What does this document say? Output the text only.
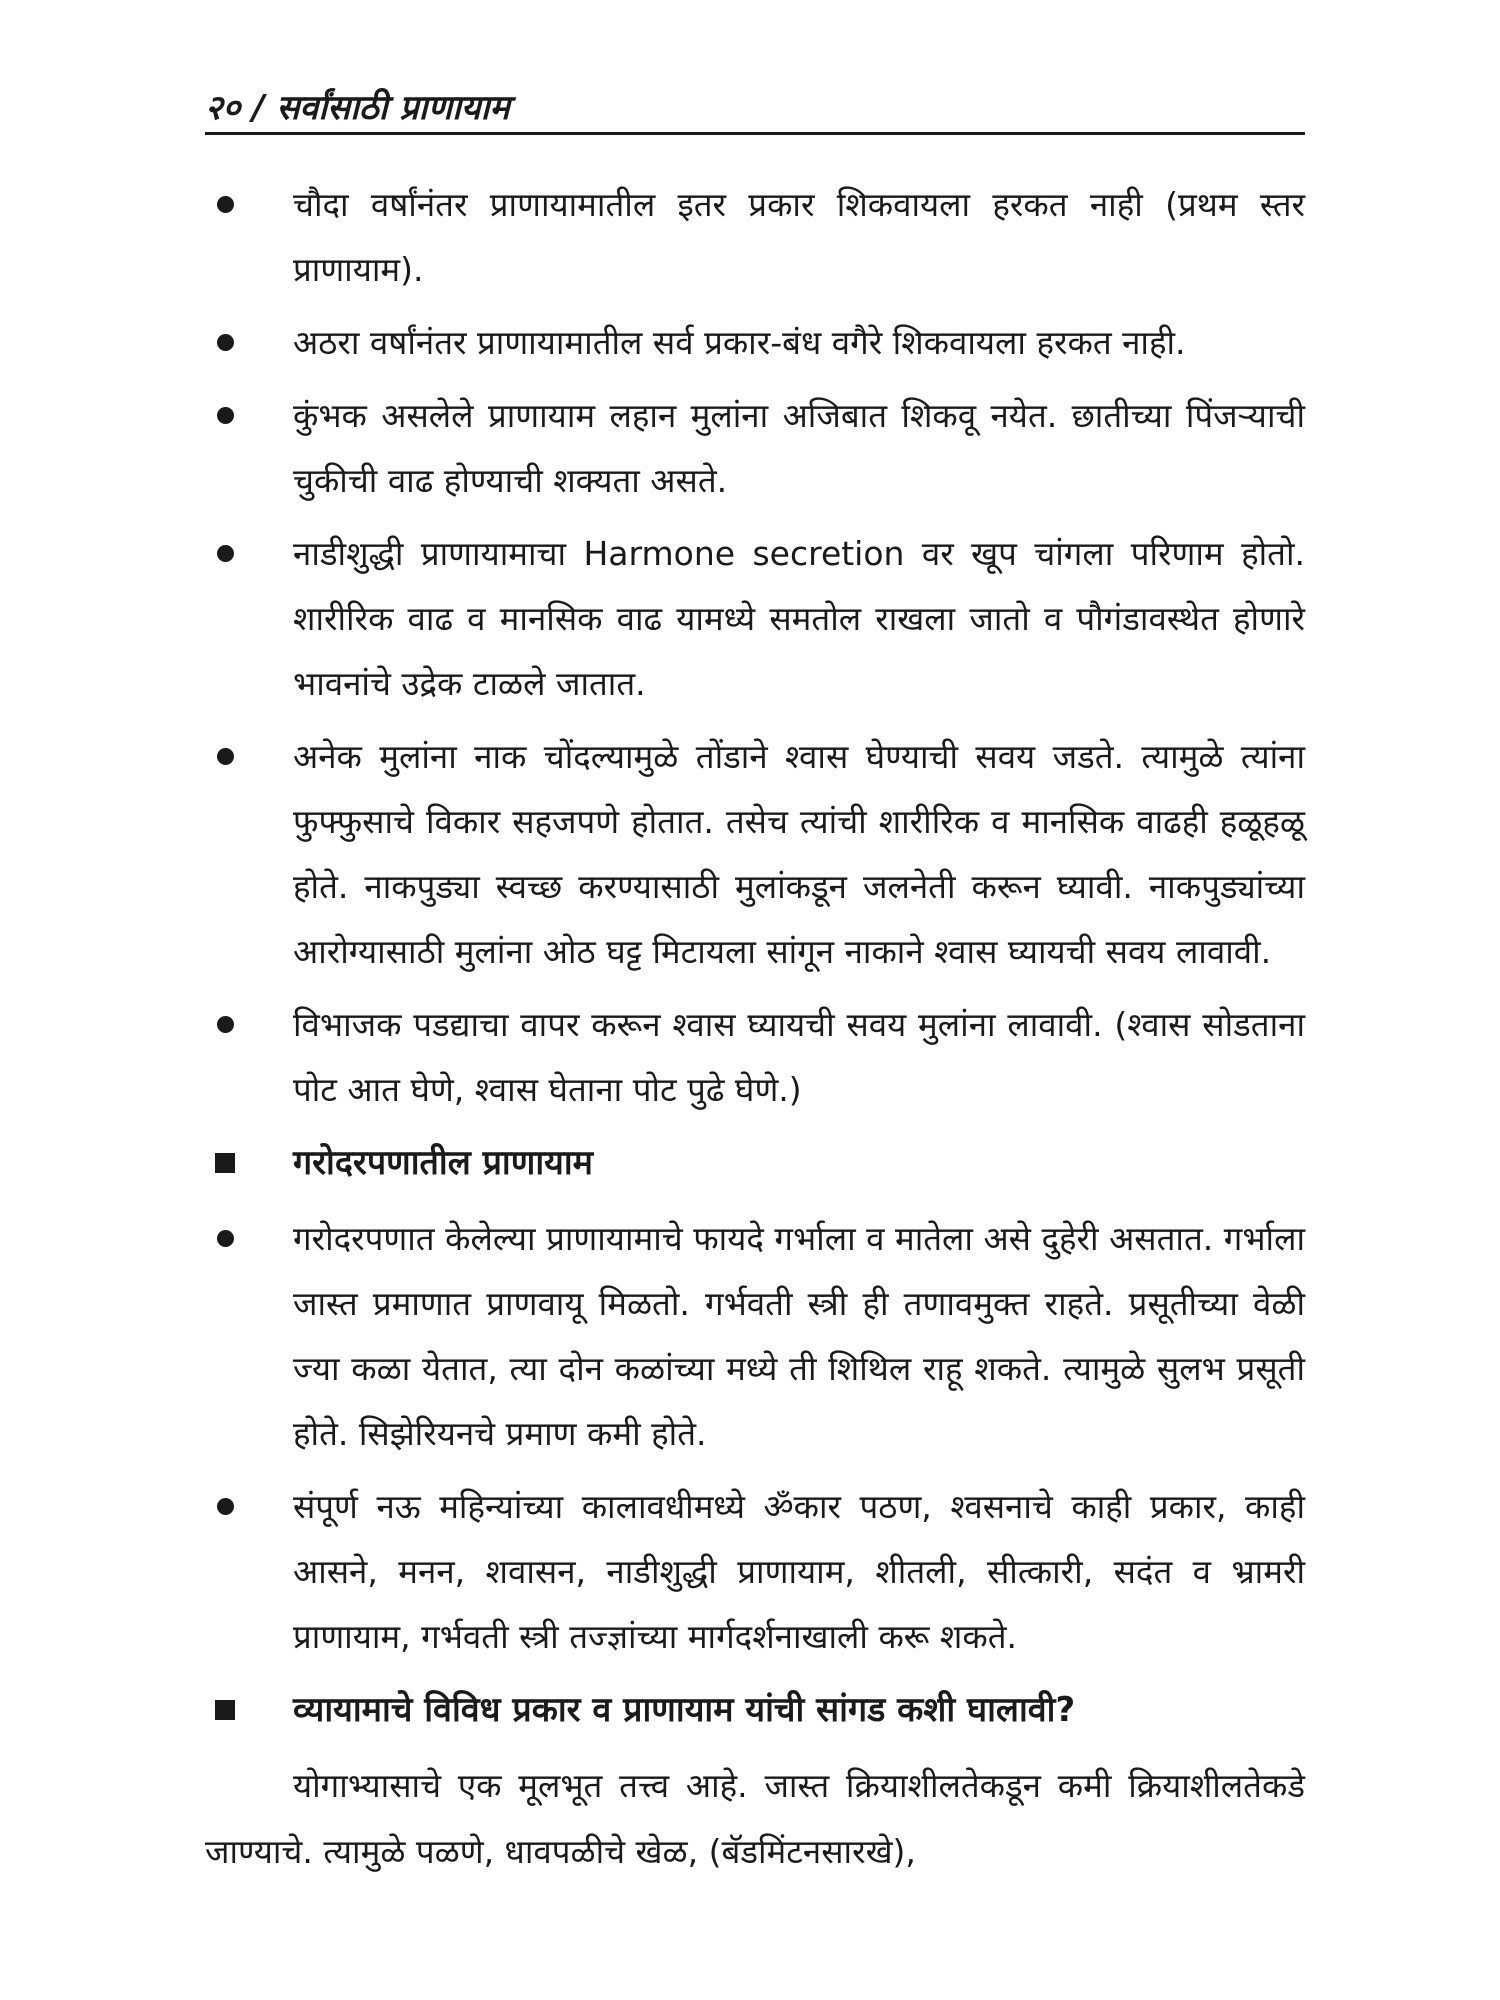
२० / सर्वांसाठी प्राणायाम
चौदा वर्षांनंतर प्राणायामातील इतर प्रकार शिकवायला हरकत नाही (प्रथम स्तर प्राणायाम).
अठरा वर्षांनंतर प्राणायामातील सर्व प्रकार-बंध वगैरे शिकवायला हरकत नाही.
कुंभक असलेले प्राणायाम लहान मुलांना अजिबात शिकवू नयेत. छातीच्या पिंजऱ्याची चुकीची वाढ होण्याची शक्यता असते.
नाडीशुद्धी प्राणायामाचा Harmone secretion वर खूप चांगला परिणाम होतो. शारीरिक वाढ व मानसिक वाढ यामध्ये समतोल राखला जातो व पौगंडावस्थेत होणारे भावनांचे उद्रेक टाळले जातात.
अनेक मुलांना नाक चोंदल्यामुळे तोंडाने श्वास घेण्याची सवय जडते. त्यामुळे त्यांना फुफ्फुसाचे विकार सहजपणे होतात. तसेच त्यांची शारीरिक व मानसिक वाढही हळूहळू होते. नाकपुड्या स्वच्छ करण्यासाठी मुलांकडून जलनेती करून घ्यावी. नाकपुड्यांच्या आरोग्यासाठी मुलांना ओठ घट्ट मिटायला सांगून नाकाने श्वास घ्यायची सवय लावावी.
विभाजक पडद्याचा वापर करून श्वास घ्यायची सवय मुलांना लावावी. (श्वास सोडताना पोट आत घेणे, श्वास घेताना पोट पुढे घेणे.)
गरोदरपणातील प्राणायाम
गरोदरपणात केलेल्या प्राणायामाचे फायदे गर्भाला व मातेला असे दुहेरी असतात. गर्भाला जास्त प्रमाणात प्राणवायू मिळतो. गर्भवती स्त्री ही तणावमुक्त राहते. प्रसूतीच्या वेळी ज्या कळा येतात, त्या दोन कळांच्या मध्ये ती शिथिल राहू शकते. त्यामुळे सुलभ प्रसूती होते. सिझेरियनचे प्रमाण कमी होते.
संपूर्ण नऊ महिन्यांच्या कालावधीमध्ये ॐकार पठण, श्वसनाचे काही प्रकार, काही आसने, मनन, शवासन, नाडीशुद्धी प्राणायाम, शीतली, सीत्कारी, सदंत व भ्रामरी प्राणायाम, गर्भवती स्त्री तज्ज्ञांच्या मार्गदर्शनाखाली करू शकते.
व्यायामाचे विविध प्रकार व प्राणायाम यांची सांगड कशी घालावी?
योगाभ्यासाचे एक मूलभूत तत्त्व आहे. जास्त क्रियाशीलतेकडून कमी क्रियाशीलतेकडे जाण्याचे. त्यामुळे पळणे, धावपळीचे खेळ, (बॅडमिंटनसारखे),
